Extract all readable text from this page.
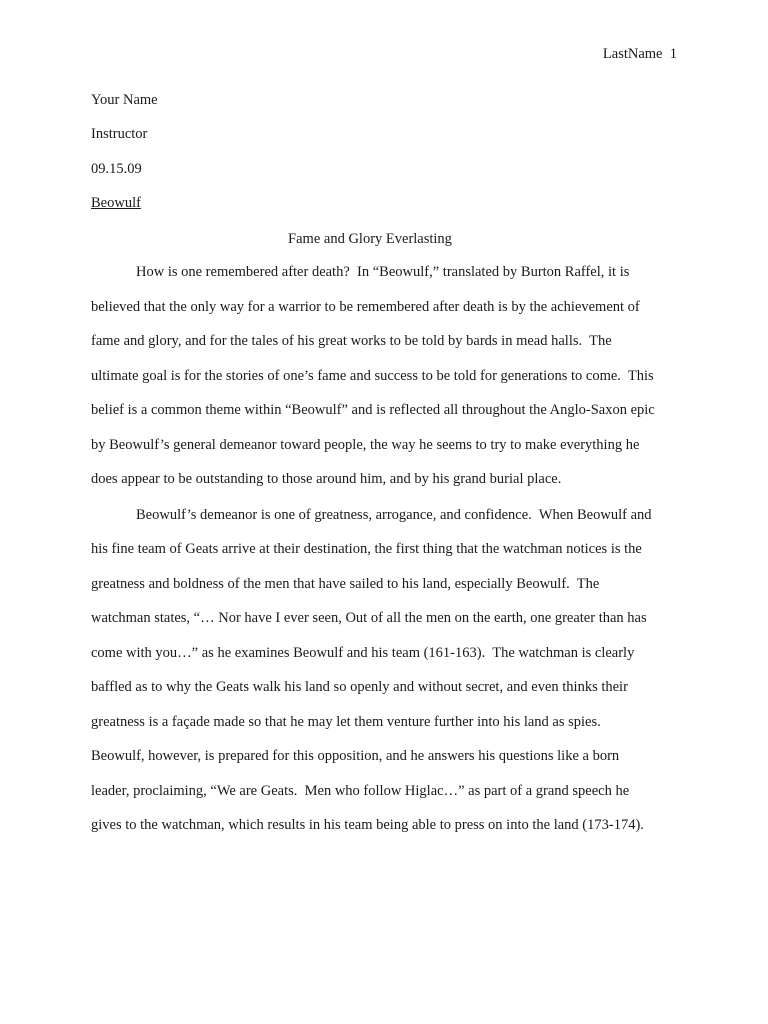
LastName  1
Your Name
Instructor
09.15.09
Beowulf
Fame and Glory Everlasting
How is one remembered after death?  In “Beowulf,” translated by Burton Raffel, it is
believed that the only way for a warrior to be remembered after death is by the achievement of
fame and glory, and for the tales of his great works to be told by bards in mead halls.  The
ultimate goal is for the stories of one’s fame and success to be told for generations to come.  This
belief is a common theme within “Beowulf” and is reflected all throughout the Anglo-Saxon epic
by Beowulf’s general demeanor toward people, the way he seems to try to make everything he
does appear to be outstanding to those around him, and by his grand burial place.
Beowulf’s demeanor is one of greatness, arrogance, and confidence.  When Beowulf and
his fine team of Geats arrive at their destination, the first thing that the watchman notices is the
greatness and boldness of the men that have sailed to his land, especially Beowulf.  The
watchman states, “… Nor have I ever seen, Out of all the men on the earth, one greater than has
come with you…” as he examines Beowulf and his team (161-163).  The watchman is clearly
baffled as to why the Geats walk his land so openly and without secret, and even thinks their
greatness is a façade made so that he may let them venture further into his land as spies.
Beowulf, however, is prepared for this opposition, and he answers his questions like a born
leader, proclaiming, “We are Geats.  Men who follow Higlac…” as part of a grand speech he
gives to the watchman, which results in his team being able to press on into the land (173-174).
